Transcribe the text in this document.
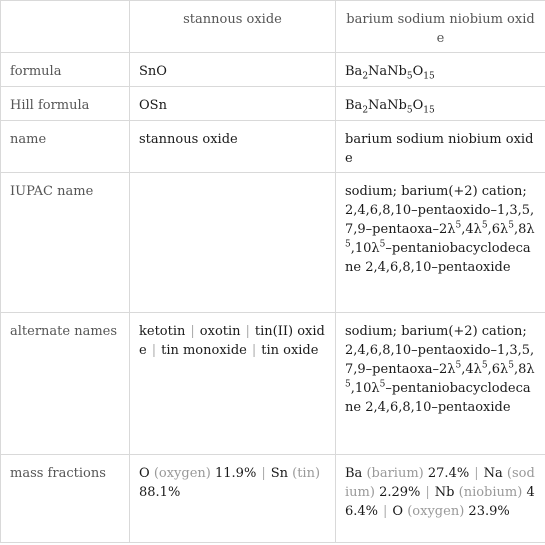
	stannous oxide	barium sodium niobium oxide
formula	SnO	$Ba_2NaNb_5O_{15}$
Hill formula	OSn	$Ba_2NaNb_5O_{15}$
name	stannous oxide	barium sodium niobium oxide
IUPAC name		sodium; barium(+2) cation; $2,4,6,8,10-pentaoxido-1,3,5,7,9-pentaoxa-2\lambda^5,4\lambda^5,6\lambda^5,8\lambda^5,10\lambda^5$–pentaniobacyclodecane 2,4,6,8,10–pentaoxide
alternate names	ketotin | oxotin | tin(II) oxide | tin monoxide | tin oxide	sodium; barium(+2) cation; $2,4,6,8,10-pentaoxido-1,3,5,7,9-pentaoxa-2\lambda^5,4\lambda^5,6\lambda^5,8\lambda^5,10\lambda^5$–pentaniobacyclodecane 2,4,6,8,10–pentaoxide
mass fractions	O (oxygen) 11.9% | Sn (tin) 88.1%	Ba (barium) 27.4% | Na (sodium) 2.29% | Nb (niobium) 46.4% | O (oxygen) 23.9%
